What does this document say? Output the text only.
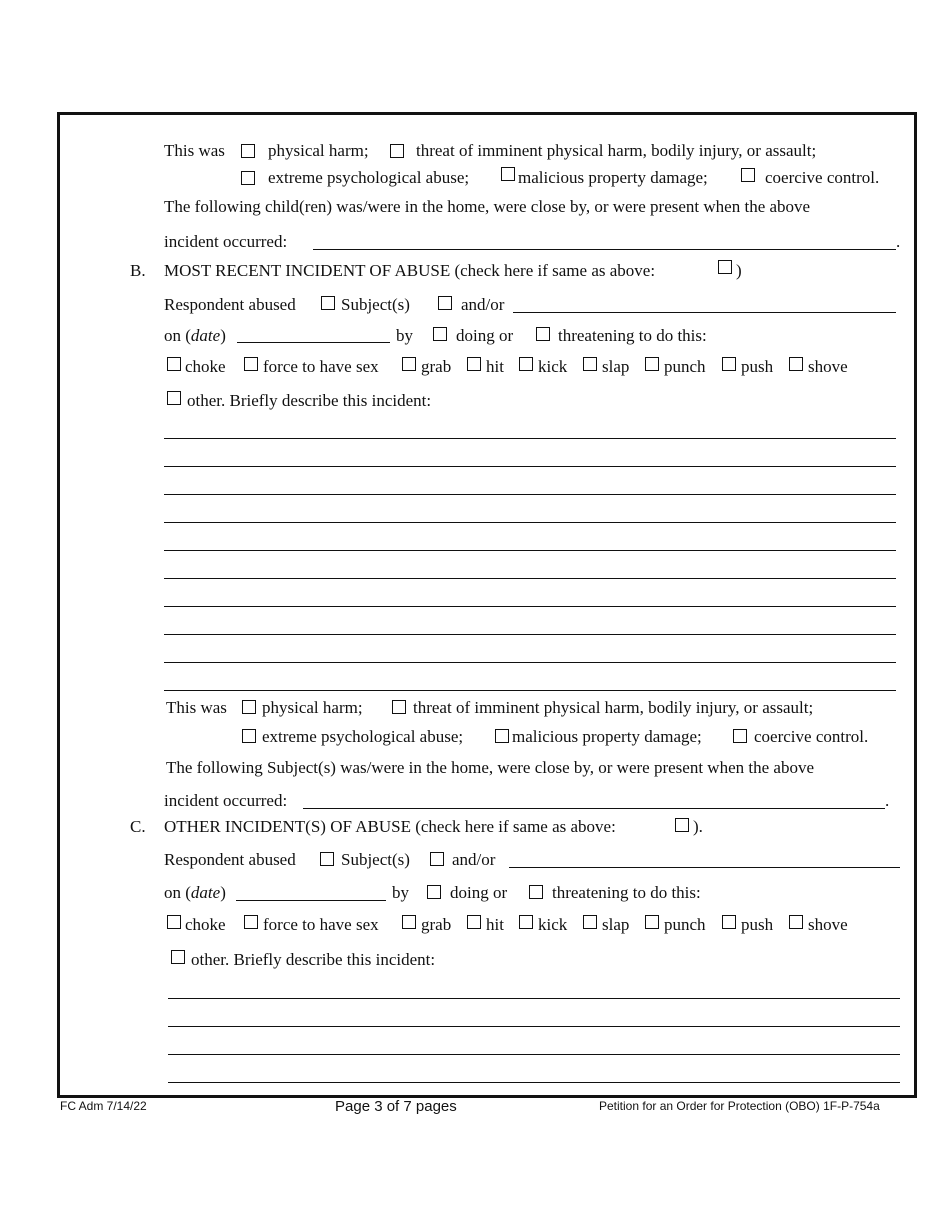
This was	physical harm;	threat of imminent physical harm, bodily injury, or assault;
extreme psychological abuse;	malicious property damage;	coercive control.
The following child(ren) was/were in the home, were close by, or were present when the above
incident occurred:	.
B. MOST RECENT INCIDENT OF ABUSE (check here if same as above:	)
Respondent abused	Subject(s)	and/or
on (date)	by	doing or	threatening to do this:
choke force to have sex grab hit kick slap punch push shove
other. Briefly describe this incident:
This was physical harm;	threat of imminent physical harm, bodily injury, or assault;
extreme psychological abuse;	malicious property damage;	coercive control.
The following Subject(s) was/were in the home, were close by, or were present when the above
incident occurred:	.
C. OTHER INCIDENT(S) OF ABUSE (check here if same as above:	).
Respondent abused	Subject(s) and/or
on (date)	by doing or	threatening to do this:
choke force to have sex grab hit kick slap punch push shove
other. Briefly describe this incident:
FC Adm 7/14/22	Page 3 of 7 pages	Petition for an Order for Protection (OBO) 1F-P-754a
